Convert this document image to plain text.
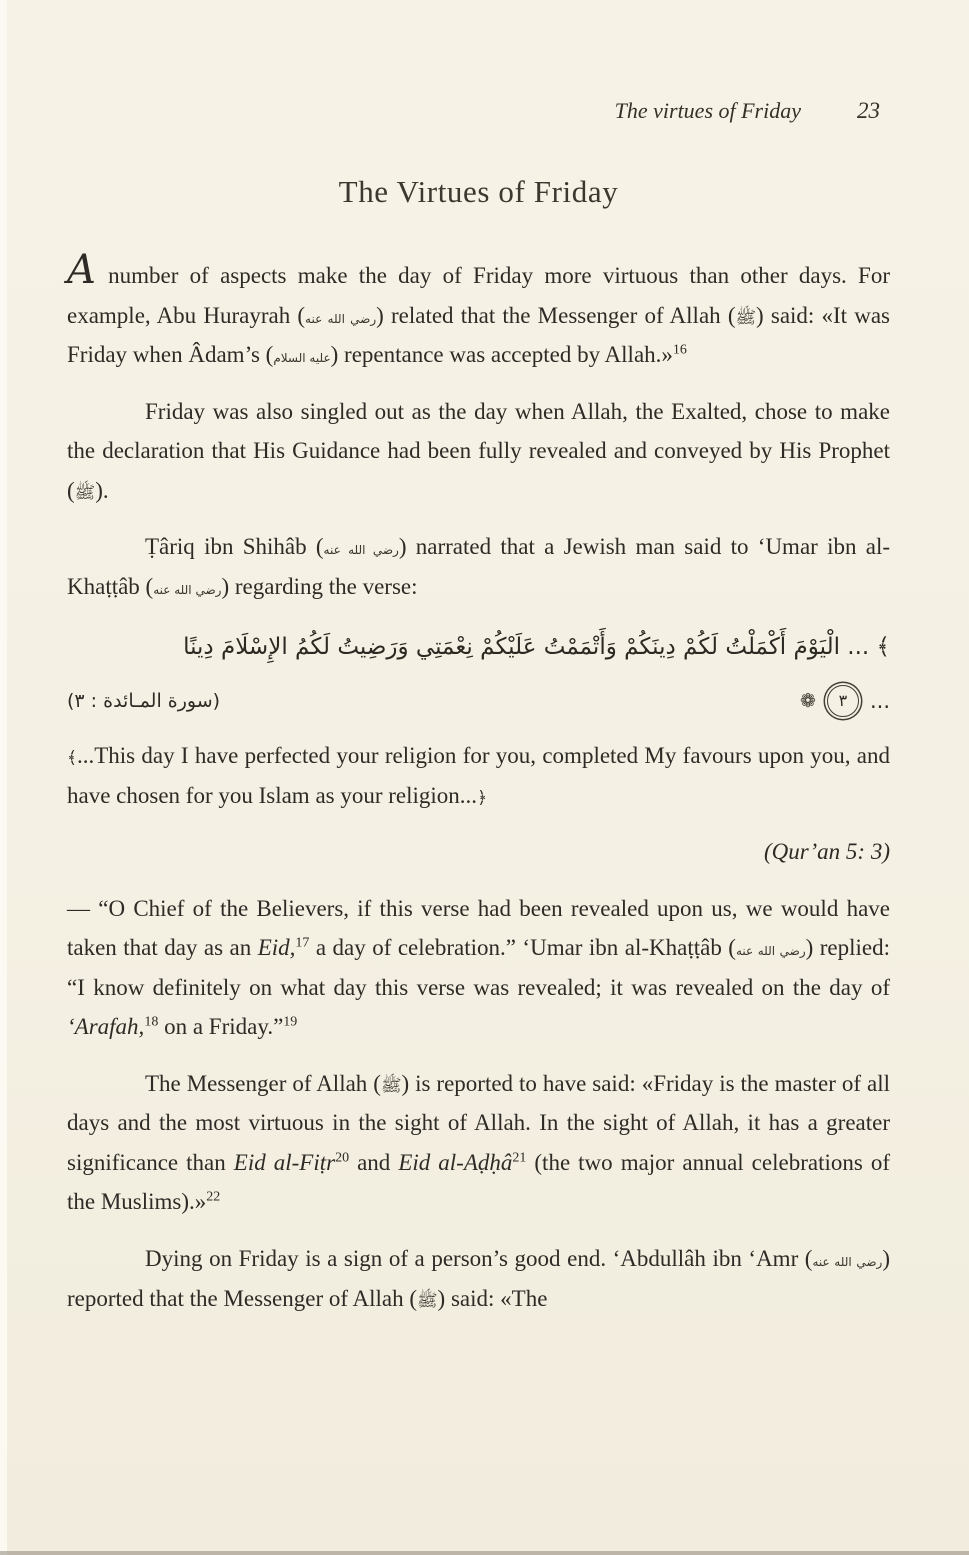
The virtues of Friday 23
The Virtues of Friday

A number of aspects make the day of Friday more virtuous than other days. For example, Abu Hurayrah (رضي الله عنه) related that the Messenger of Allah (ﷺ) said: «It was Friday when Âdam’s (عليه السلام) repentance was accepted by Allah.»$^{16}$

Friday was also singled out as the day when Allah, the Exalted, chose to make the declaration that His Guidance had been fully revealed and conveyed by His Prophet (ﷺ).

Ṭâriq ibn Shihâb (رضي الله عنه) narrated that a Jewish man said to ‘Umar ibn al-Khaṭṭâb (رضي الله عنه) regarding the verse:

﴾ ... الْيَوْمَ أَكْمَلْتُ لَكُمْ دِينَكُمْ وَأَتْمَمْتُ عَلَيْكُمْ نِعْمَتِي وَرَضِيتُ لَكُمُ الإِسْلَامَ دِينًا
(سورة المـائدة : ٣)	...
٣
❁

﴾...This day I have perfected your religion for you, completed My favours upon you, and have chosen for you Islam as your religion...﴿

(Qur’an 5: 3)

— “O Chief of the Believers, if this verse had been revealed upon us, we would have taken that day as an Eid,$^{17}$ a day of celebration.” ‘Umar ibn al-Khaṭṭâb (رضي الله عنه) replied: “I know definitely on what day this verse was revealed; it was revealed on the day of ‘Arafah,$^{18}$ on a Friday.”$^{19}$

The Messenger of Allah (ﷺ) is reported to have said: «Friday is the master of all days and the most virtuous in the sight of Allah. In the sight of Allah, it has a greater significance than Eid al-Fiṭr$^{20}$ and Eid al-Aḍḥâ$^{21}$ (the two major annual celebrations of the Muslims).»$^{22}$

Dying on Friday is a sign of a person’s good end. ‘Abdullâh ibn ‘Amr (رضي الله عنه) reported that the Messenger of Allah (ﷺ) said: «The
